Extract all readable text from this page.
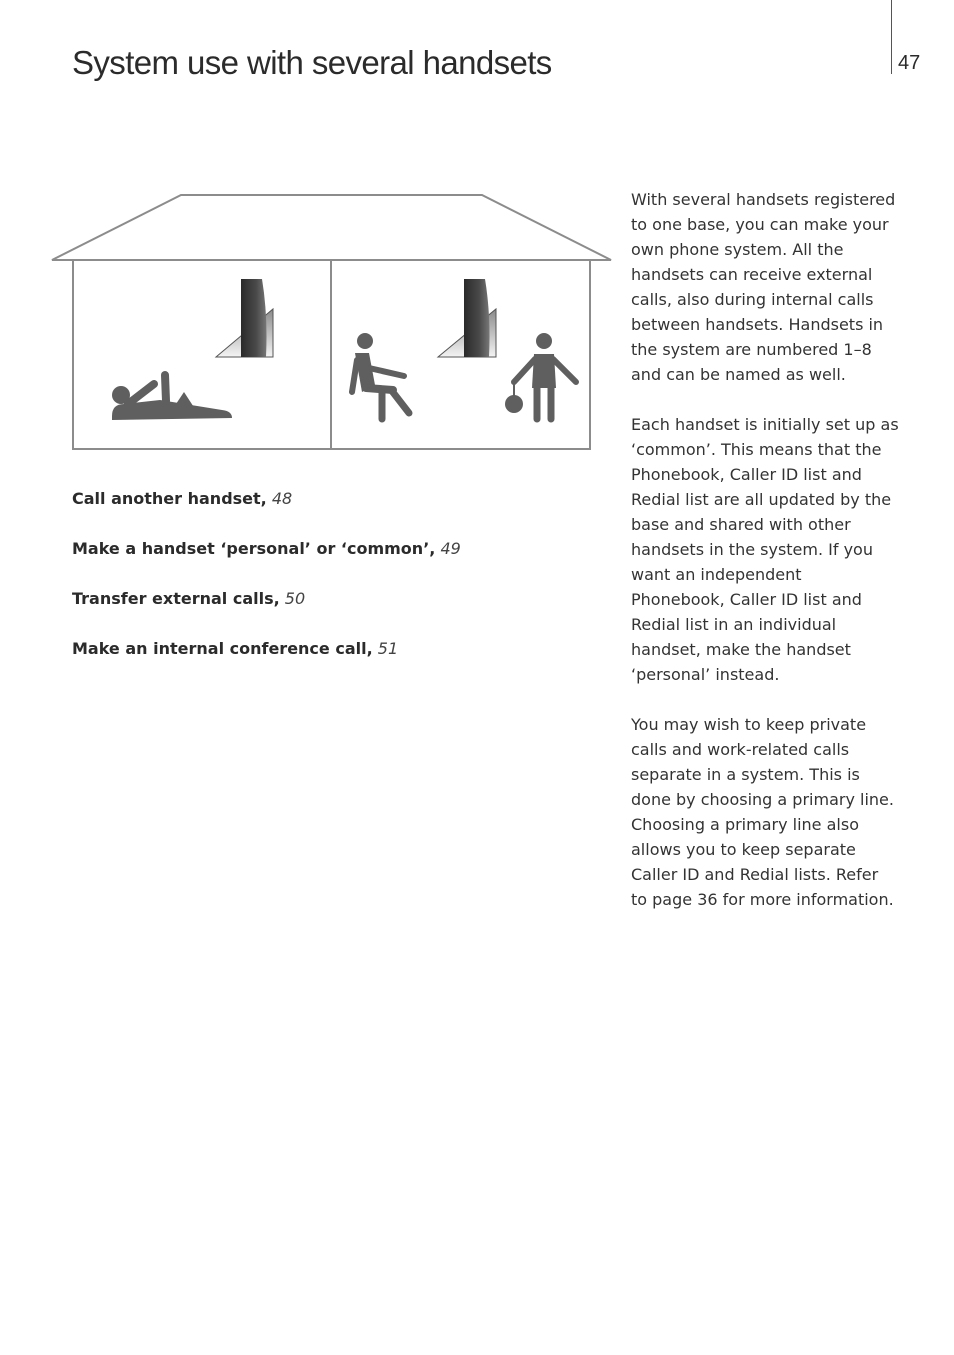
System use with several handsets	47
Call another handset, 48
Make a handset ‘personal’ or ‘common’, 49
Transfer external calls, 50
Make an internal conference call, 51

With several handsets registered to one base, you can make your own phone system. All the handsets can receive external calls, also during internal calls between handsets. Handsets in the system are numbered 1–8 and can be named as well.

Each handset is initially set up as ‘common’. This means that the Phonebook, Caller ID list and Redial list are all updated by the base and shared with other handsets in the system. If you want an independent Phonebook, Caller ID list and Redial list in an individual handset, make the handset ‘personal’ instead.

You may wish to keep private calls and work-related calls separate in a system. This is done by choosing a primary line. Choosing a primary line also allows you to keep separate Caller ID and Redial lists. Refer to page 36 for more information.
